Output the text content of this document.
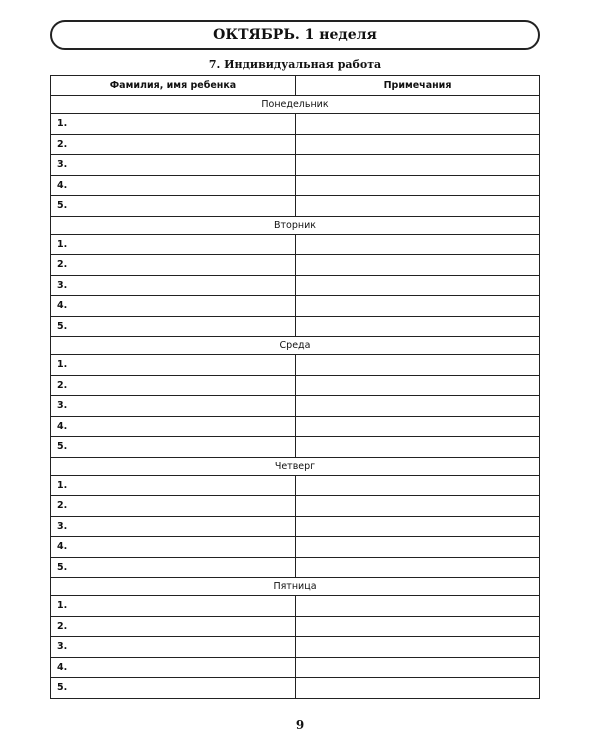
ОКТЯБРЬ. 1 неделя
7. Индивидуальная работа
Фамилия, имя ребенка	Примечания
Понедельник	
1.	
2.	
3.	
4.	
5.	
Вторник	
1.	
2.	
3.	
4.	
5.	
Среда	
1.	
2.	
3.	
4.	
5.	
Четверг	
1.	
2.	
3.	
4.	
5.	
Пятница	
1.	
2.	
3.	
4.	
5.	
9
